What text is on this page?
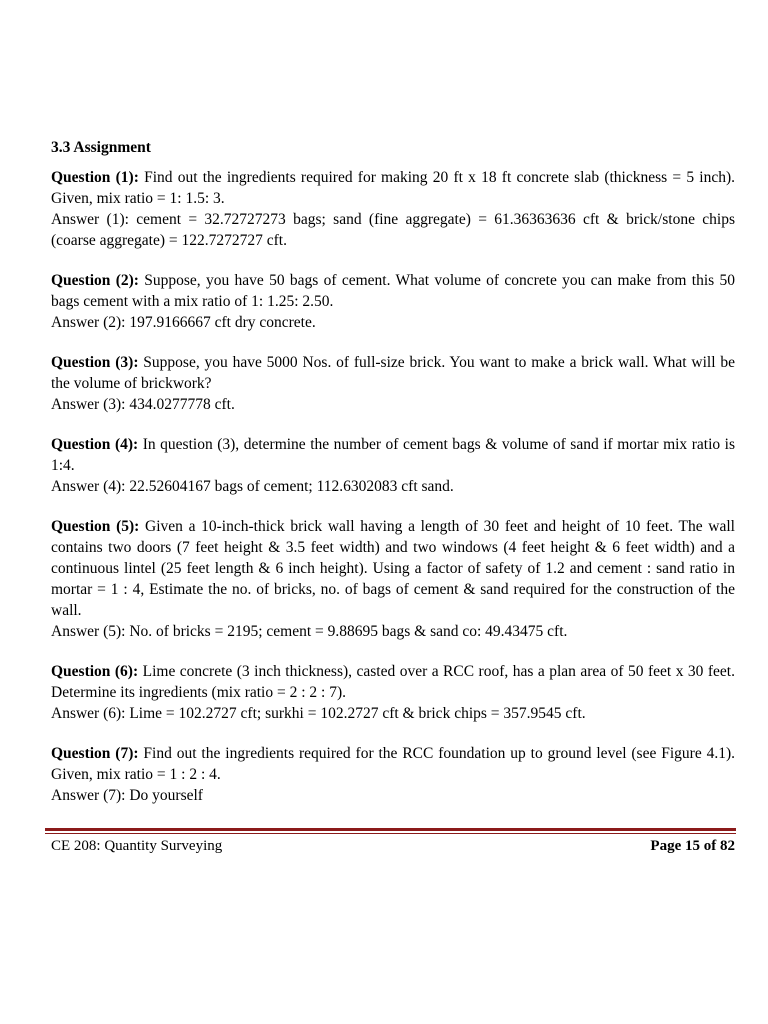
3.3 Assignment

Question (1): Find out the ingredients required for making 20 ft x 18 ft concrete slab (thickness = 5 inch). Given, mix ratio = 1: 1.5: 3.

Answer (1): cement = 32.72727273 bags; sand (fine aggregate) = 61.36363636 cft & brick/stone chips (coarse aggregate) = 122.7272727 cft.

Question (2): Suppose, you have 50 bags of cement. What volume of concrete you can make from this 50 bags cement with a mix ratio of 1: 1.25: 2.50.

Answer (2): 197.9166667 cft dry concrete.

Question (3): Suppose, you have 5000 Nos. of full-size brick. You want to make a brick wall. What will be the volume of brickwork?

Answer (3): 434.0277778 cft.

Question (4): In question (3), determine the number of cement bags & volume of sand if mortar mix ratio is 1:4.

Answer (4): 22.52604167 bags of cement; 112.6302083 cft sand.

Question (5): Given a 10-inch-thick brick wall having a length of 30 feet and height of 10 feet. The wall contains two doors (7 feet height & 3.5 feet width) and two windows (4 feet height & 6 feet width) and a continuous lintel (25 feet length & 6 inch height). Using a factor of safety of 1.2 and cement : sand ratio in mortar = 1 : 4, Estimate the no. of bricks, no. of bags of cement & sand required for the construction of the wall.

Answer (5): No. of bricks = 2195; cement = 9.88695 bags & sand co: 49.43475 cft.

Question (6): Lime concrete (3 inch thickness), casted over a RCC roof, has a plan area of 50 feet x 30 feet. Determine its ingredients (mix ratio = 2 : 2 : 7).

Answer (6): Lime = 102.2727 cft; surkhi = 102.2727 cft & brick chips = 357.9545 cft.

Question (7): Find out the ingredients required for the RCC foundation up to ground level (see Figure 4.1). Given, mix ratio = 1 : 2 : 4.

Answer (7): Do yourself

CE 208: Quantity Surveying	Page 15 of 82
